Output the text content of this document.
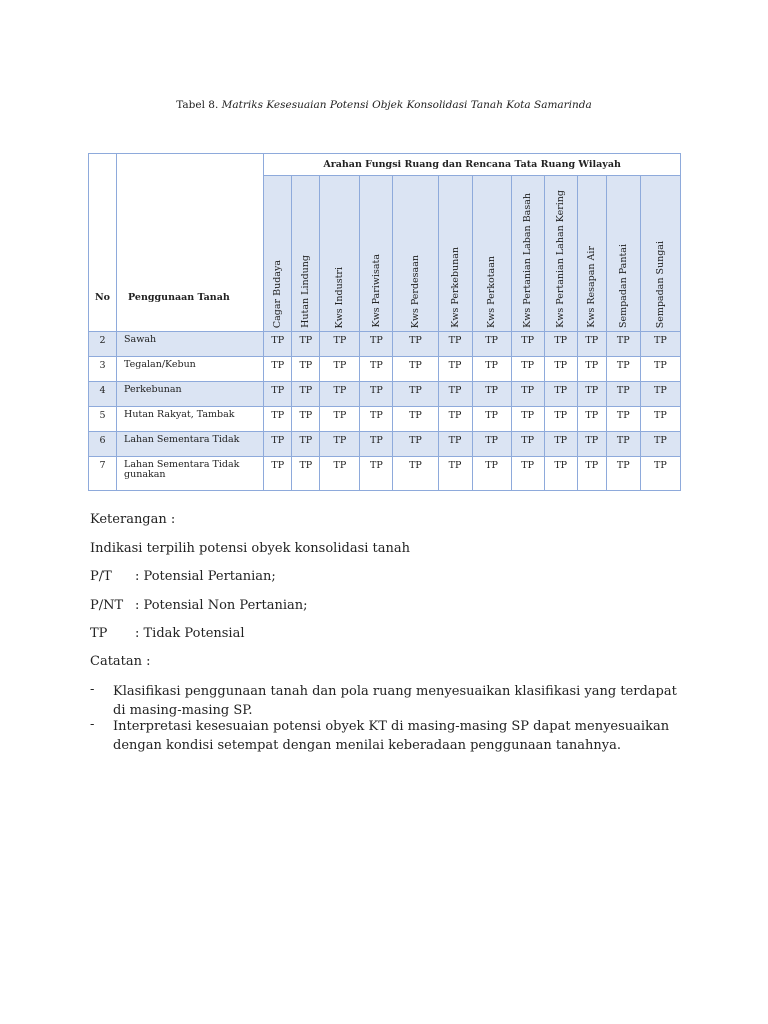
Tabel 8. Matriks Kesesuaian Potensi Objek Konsolidasi Tanah Kota Samarinda
No	Penggunaan Tanah	Arahan Fungsi Ruang dan Rencana Tata Ruang Wilayah											

		Cagar Budaya	Hutan Lindung	Kws Industri	Kws Pariwisata	Kws Perdesaan	Kws Perkebunan	Kws Perkotaan	Kws Pertanian Laban Basah	Kws Pertanian Lahan Kering	Kws Resapan Air	Sempadan Pantai	Sempadan Sungai

2	Sawah	TP	TP	TP	TP	TP	TP	TP	TP	TP	TP	TP	TP
3	Tegalan/Kebun	TP	TP	TP	TP	TP	TP	TP	TP	TP	TP	TP	TP
4	Perkebunan	TP	TP	TP	TP	TP	TP	TP	TP	TP	TP	TP	TP
5	Hutan Rakyat, Tambak	TP	TP	TP	TP	TP	TP	TP	TP	TP	TP	TP	TP
6	Lahan Sementara Tidak	TP	TP	TP	TP	TP	TP	TP	TP	TP	TP	TP	TP
7	Lahan Sementara Tidak gunakan	TP	TP	TP	TP	TP	TP	TP	TP	TP	TP	TP	TP
Keterangan :
Indikasi terpilih potensi obyek konsolidasi tanah
P/T : Potensial Pertanian;
P/NT : Potensial Non Pertanian;
TP : Tidak Potensial
Catatan :
- Klasifikasi penggunaan tanah dan pola ruang menyesuaikan klasifikasi yang terdapat di masing-masing SP.
- Interpretasi kesesuaian potensi obyek KT di masing-masing SP dapat menyesuaikan dengan kondisi setempat dengan menilai keberadaan penggunaan tanahnya.
